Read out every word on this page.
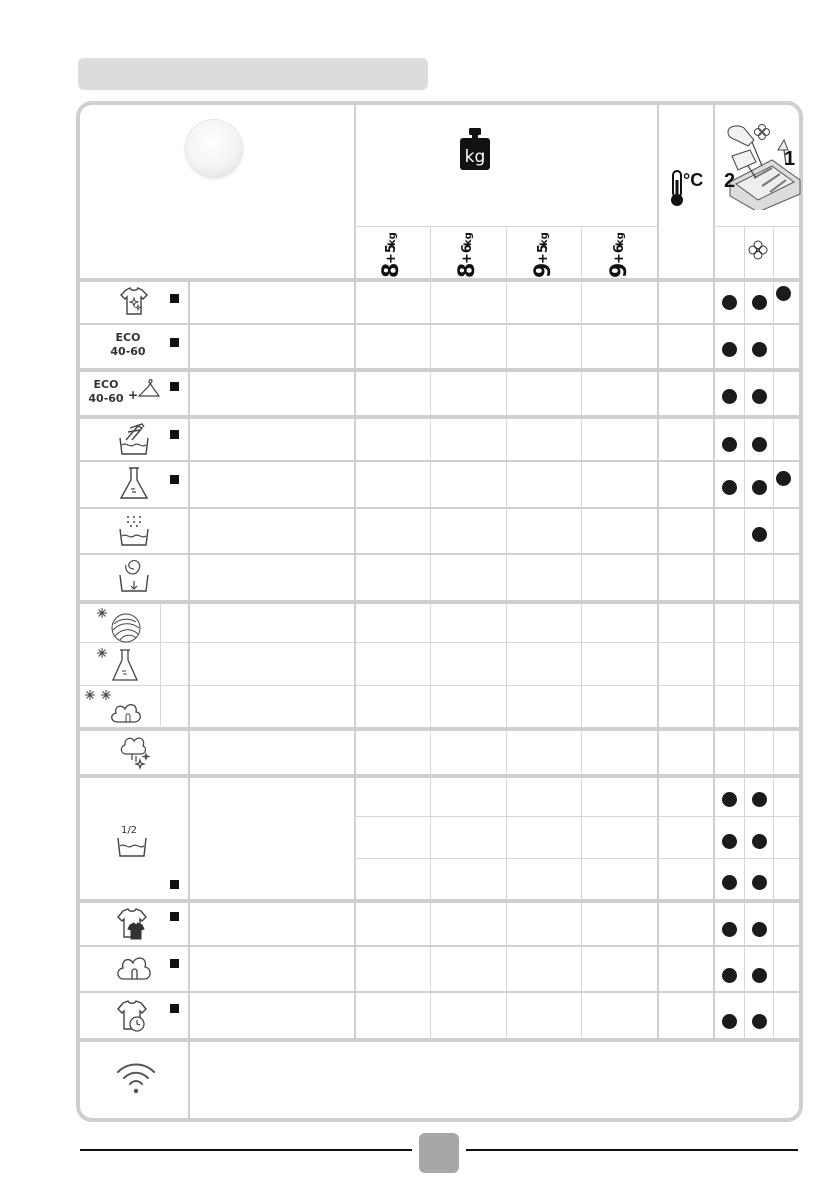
kg
8
+5
kg
8
+6
kg
9
+5
kg
9
+6
kg
°C
1
2
ECO
40-60
ECO
40-60 +
1/2
